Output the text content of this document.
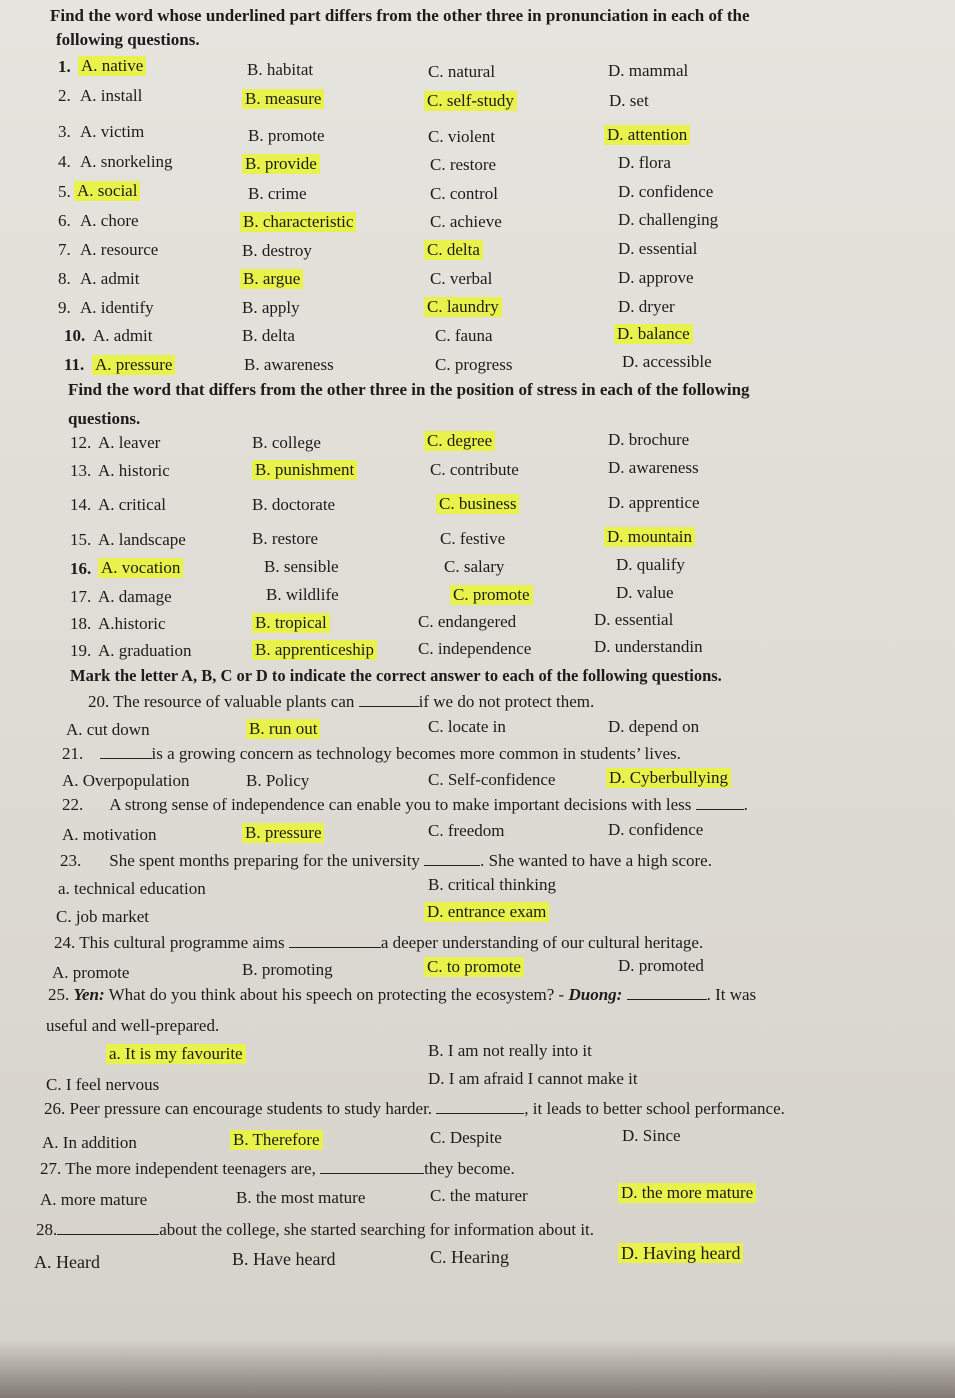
Find the word whose underlined part differs from the other three in pronunciation in each of the
following questions.
1. A. native	B. habitat	C. natural	D. mammal
2. A. install	B. measure	C. self-study	D. set
3. A. victim	B. promote	C. violent	D. attention
4. A. snorkeling	B. provide	C. restore	D. flora
5. A. social	B. crime	C. control	D. confidence
6. A. chore	B. characteristic	C. achieve	D. challenging
7. A. resource	B. destroy	C. delta	D. essential
8. A. admit	B. argue	C. verbal	D. approve
9. A. identify	B. apply	C. laundry	D. dryer
10. A. admit	B. delta	C. fauna	D. balance
11. A. pressure	B. awareness	C. progress	D. accessible
Find the word that differs from the other three in the position of stress in each of the following
questions.
12. A. leaver	B. college	C. degree	D. brochure
13. A. historic	B. punishment	C. contribute	D. awareness
14. A. critical	B. doctorate	C. business	D. apprentice
15. A. landscape	B. restore	C. festive	D. mountain
16. A. vocation	B. sensible	C. salary	D. qualify
17. A. damage	B. wildlife	C. promote	D. value
18. A.historic	B. tropical	C. endangered	D. essential
19. A. graduation	B. apprenticeship	C. independence	D. understandin
Mark the letter A, B, C or D to indicate the correct answer to each of the following questions.
20. The resource of valuable plants can	if we do not protect them.
A. cut down	B. run out	C. locate in	D. depend on
21.	is a growing concern as technology becomes more common in students’ lives.
A. Overpopulation	B. Policy	C. Self-confidence	D. Cyberbullying
22. A strong sense of independence can enable you to make important decisions with less	.
A. motivation	B. pressure	C. freedom	D. confidence
23. She spent months preparing for the university	. She wanted to have a high score.
a. technical education	B. critical thinking
C. job market	D. entrance exam
24. This cultural programme aims	a deeper understanding of our cultural heritage.
A. promote	B. promoting	C. to promote	D. promoted
25. Yen: What do you think about his speech on protecting the ecosystem? - Duong:	. It was
useful and well-prepared.
a. It is my favourite	B. I am not really into it
C. I feel nervous	D. I am afraid I cannot make it
26. Peer pressure can encourage students to study harder.	, it leads to better school performance.
A. In addition	B. Therefore	C. Despite	D. Since
27. The more independent teenagers are,	they become.
A. more mature	B. the most mature	C. the maturer	D. the more mature
28.	about the college, she started searching for information about it.
A. Heard	B. Have heard	C. Hearing	D. Having heard
